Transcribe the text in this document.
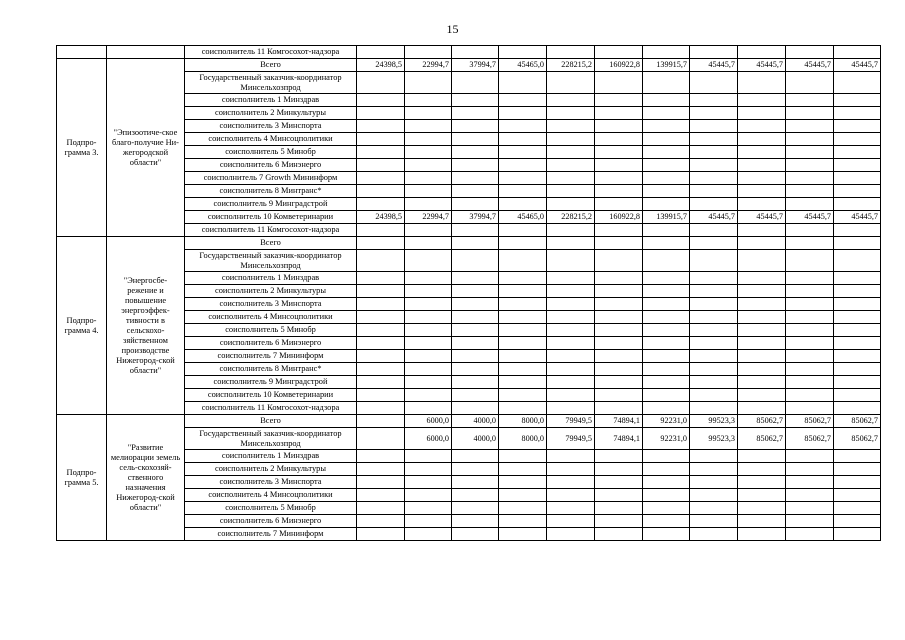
15
		соисполнитель 11 Комгосохот-надзора											
Подпро-грамма 3.	"Эпизоотиче-ское благо-получие Ни-жегородской области"	Всего	24398,5	22994,7	37994,7	45465,0	228215,2	160922,8	139915,7	45445,7	45445,7	45445,7	45445,7
		Государственный заказчик-координатор Минсельхозпрод											
		соисполнитель 1 Минздрав											
		соисполнитель 2 Минкультуры											
		соисполнитель 3 Минспорта											
		соисполнитель 4 Минсоцполитики											
		соисполнитель 5 Минобр											
		соисполнитель 6 Минэнерго											
		соисполнитель 7 Growth Mининформ											
		соисполнитель 8 Минтранс*											
		соисполнитель 9 Минградстрой											
		соисполнитель 10 Комветеринарии	24398,5	22994,7	37994,7	45465,0	228215,2	160922,8	139915,7	45445,7	45445,7	45445,7	45445,7
		соисполнитель 11 Комгосохот-надзора											
Подпро-грамма 4.	"Энергосбе-режение и повышение энергоэффек-тивности в сельскохо-зяйственном производстве Нижегород-ской области"	Всего											
		Государственный заказчик-координатор Минсельхозпрод											
		соисполнитель 1 Минздрав											
		соисполнитель 2 Минкультуры											
		соисполнитель 3 Минспорта											
		соисполнитель 4 Минсоцполитики											
		соисполнитель 5 Минобр											
		соисполнитель 6 Минэнерго											
		соисполнитель 7 Мининформ											
		соисполнитель 8 Минтранс*											
		соисполнитель 9 Минградстрой											
		соисполнитель 10 Комветеринарии											
		соисполнитель 11 Комгосохот-надзора											
Подпро-грамма 5.	"Развитие мелиорации земель сель-скохозяй-ственного назначения Нижегород-ской области"	Всего		6000,0	4000,0	8000,0	79949,5	74894,1	92231,0	99523,3	85062,7	85062,7	85062,7
		Государственный заказчик-координатор Минсельхозпрод		6000,0	4000,0	8000,0	79949,5	74894,1	92231,0	99523,3	85062,7	85062,7	85062,7
		соисполнитель 1 Минздрав											
		соисполнитель 2 Минкультуры											
		соисполнитель 3 Минспорта											
		соисполнитель 4 Минсоцполитики											
		соисполнитель 5 Минобр											
		соисполнитель 6 Минэнерго											
		соисполнитель 7 Мининформ											
